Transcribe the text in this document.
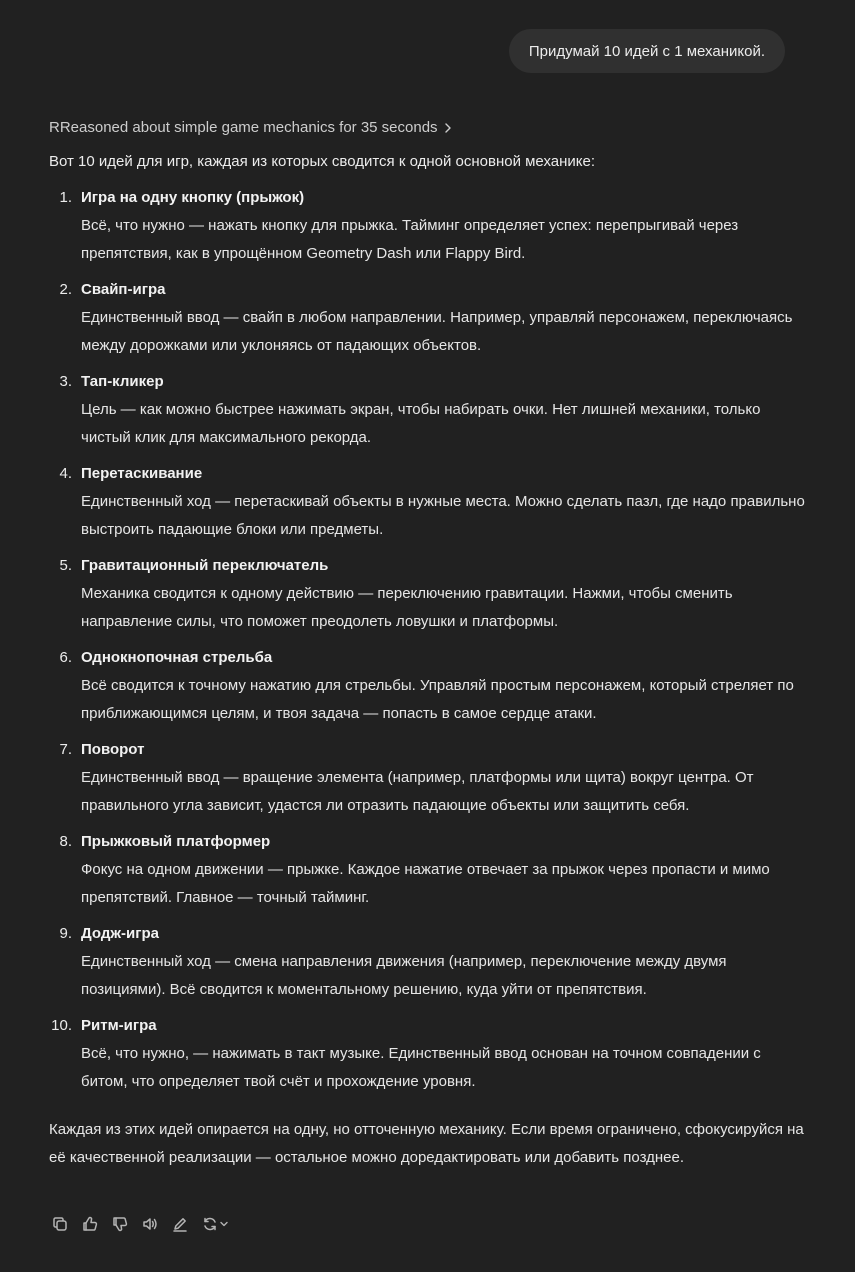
Придумай 10 идей с 1 механикой.
RReasoned about simple game mechanics for 35 seconds
Вот 10 идей для игр, каждая из которых сводится к одной основной механике:
1. Игра на одну кнопку (прыжок)
Всё, что нужно — нажать кнопку для прыжка. Тайминг определяет успех: перепрыгивай через препятствия, как в упрощённом Geometry Dash или Flappy Bird.
2. Свайп-игра
Единственный ввод — свайп в любом направлении. Например, управляй персонажем, переключаясь между дорожками или уклоняясь от падающих объектов.
3. Тап-кликер
Цель — как можно быстрее нажимать экран, чтобы набирать очки. Нет лишней механики, только чистый клик для максимального рекорда.
4. Перетаскивание
Единственный ход — перетаскивай объекты в нужные места. Можно сделать пазл, где надо правильно выстроить падающие блоки или предметы.
5. Гравитационный переключатель
Механика сводится к одному действию — переключению гравитации. Нажми, чтобы сменить направление силы, что поможет преодолеть ловушки и платформы.
6. Однокнопочная стрельба
Всё сводится к точному нажатию для стрельбы. Управляй простым персонажем, который стреляет по приближающимся целям, и твоя задача — попасть в самое сердце атаки.
7. Поворот
Единственный ввод — вращение элемента (например, платформы или щита) вокруг центра. От правильного угла зависит, удастся ли отразить падающие объекты или защитить себя.
8. Прыжковый платформер
Фокус на одном движении — прыжке. Каждое нажатие отвечает за прыжок через пропасти и мимо препятствий. Главное — точный тайминг.
9. Додж-игра
Единственный ход — смена направления движения (например, переключение между двумя позициями). Всё сводится к моментальному решению, куда уйти от препятствия.
10. Ритм-игра
Всё, что нужно, — нажимать в такт музыке. Единственный ввод основан на точном совпадении с битом, что определяет твой счёт и прохождение уровня.
Каждая из этих идей опирается на одну, но отточенную механику. Если время ограничено, сфокусируйся на её качественной реализации — остальное можно доредактировать или добавить позднее.
